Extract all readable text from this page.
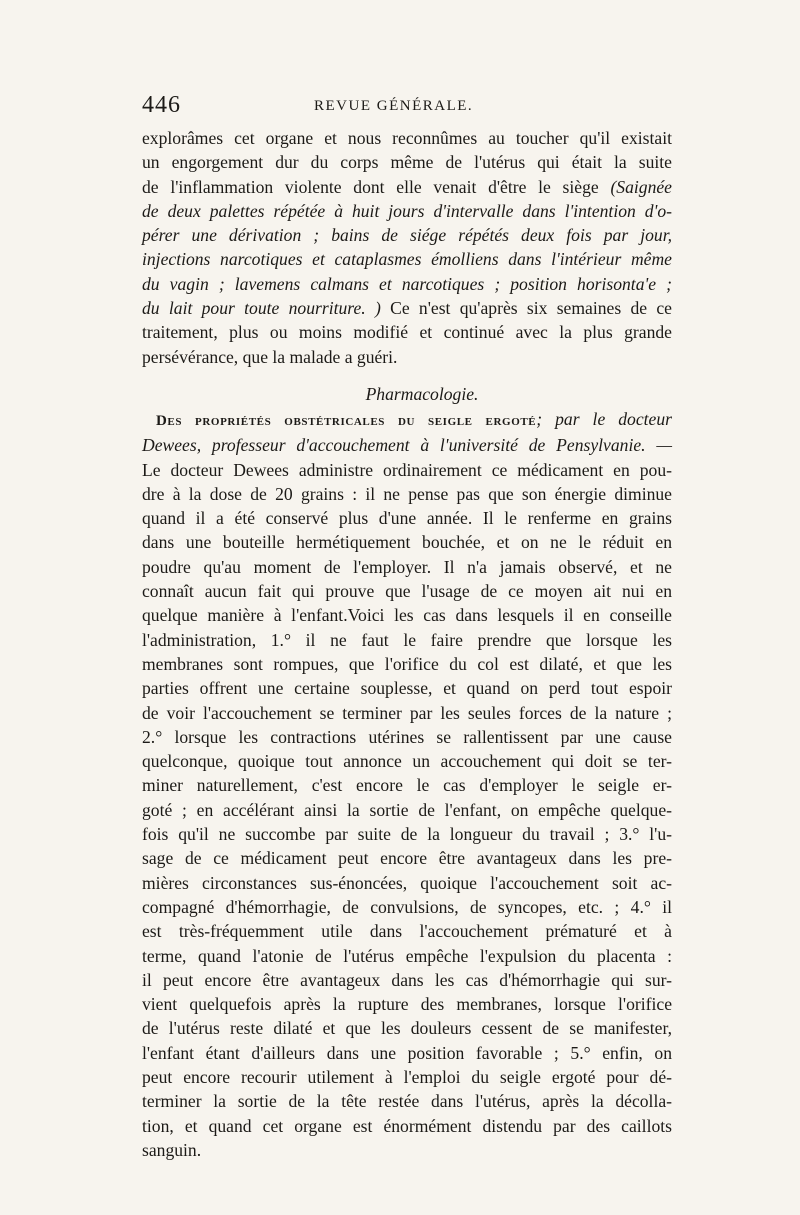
446	REVUE GÉNÉRALE.
explorâmes cet organe et nous reconnûmes au toucher qu'il existait
un engorgement dur du corps même de l'utérus qui était la suite
de l'inflammation violente dont elle venait d'être le siège (Saignée
de deux palettes répétée à huit jours d'intervalle dans l'intention d'o-
pérer une dérivation ; bains de siége répétés deux fois par jour,
injections narcotiques et cataplasmes émolliens dans l'intérieur même
du vagin ; lavemens calmans et narcotiques ; position horisonta'e ;
du lait pour toute nourriture. ) Ce n'est qu'après six semaines de ce
traitement, plus ou moins modifié et continué avec la plus grande
persévérance, que la malade a guéri.
Pharmacologie.
Des propriétés obstétricales du seigle ergoté; par le docteur
Dewees, professeur d'accouchement à l'université de Pensylvanie. —
Le docteur Dewees administre ordinairement ce médicament en pou-
dre à la dose de 20 grains : il ne pense pas que son énergie diminue
quand il a été conservé plus d'une année. Il le renferme en grains
dans une bouteille hermétiquement bouchée, et on ne le réduit en
poudre qu'au moment de l'employer. Il n'a jamais observé, et ne
connaît aucun fait qui prouve que l'usage de ce moyen ait nui en
quelque manière à l'enfant.Voici les cas dans lesquels il en conseille
l'administration, 1.° il ne faut le faire prendre que lorsque les
membranes sont rompues, que l'orifice du col est dilaté, et que les
parties offrent une certaine souplesse, et quand on perd tout espoir
de voir l'accouchement se terminer par les seules forces de la nature ;
2.° lorsque les contractions utérines se rallentissent par une cause
quelconque, quoique tout annonce un accouchement qui doit se ter-
miner naturellement, c'est encore le cas d'employer le seigle er-
goté ; en accélérant ainsi la sortie de l'enfant, on empêche quelque-
fois qu'il ne succombe par suite de la longueur du travail ; 3.° l'u-
sage de ce médicament peut encore être avantageux dans les pre-
mières circonstances sus-énoncées, quoique l'accouchement soit ac-
compagné d'hémorrhagie, de convulsions, de syncopes, etc. ; 4.° il
est très-fréquemment utile dans l'accouchement prématuré et à
terme, quand l'atonie de l'utérus empêche l'expulsion du placenta :
il peut encore être avantageux dans les cas d'hémorrhagie qui sur-
vient quelquefois après la rupture des membranes, lorsque l'orifice
de l'utérus reste dilaté et que les douleurs cessent de se manifester,
l'enfant étant d'ailleurs dans une position favorable ; 5.° enfin, on
peut encore recourir utilement à l'emploi du seigle ergoté pour dé-
terminer la sortie de la tête restée dans l'utérus, après la décolla-
tion, et quand cet organe est énormément distendu par des caillots
sanguin.
